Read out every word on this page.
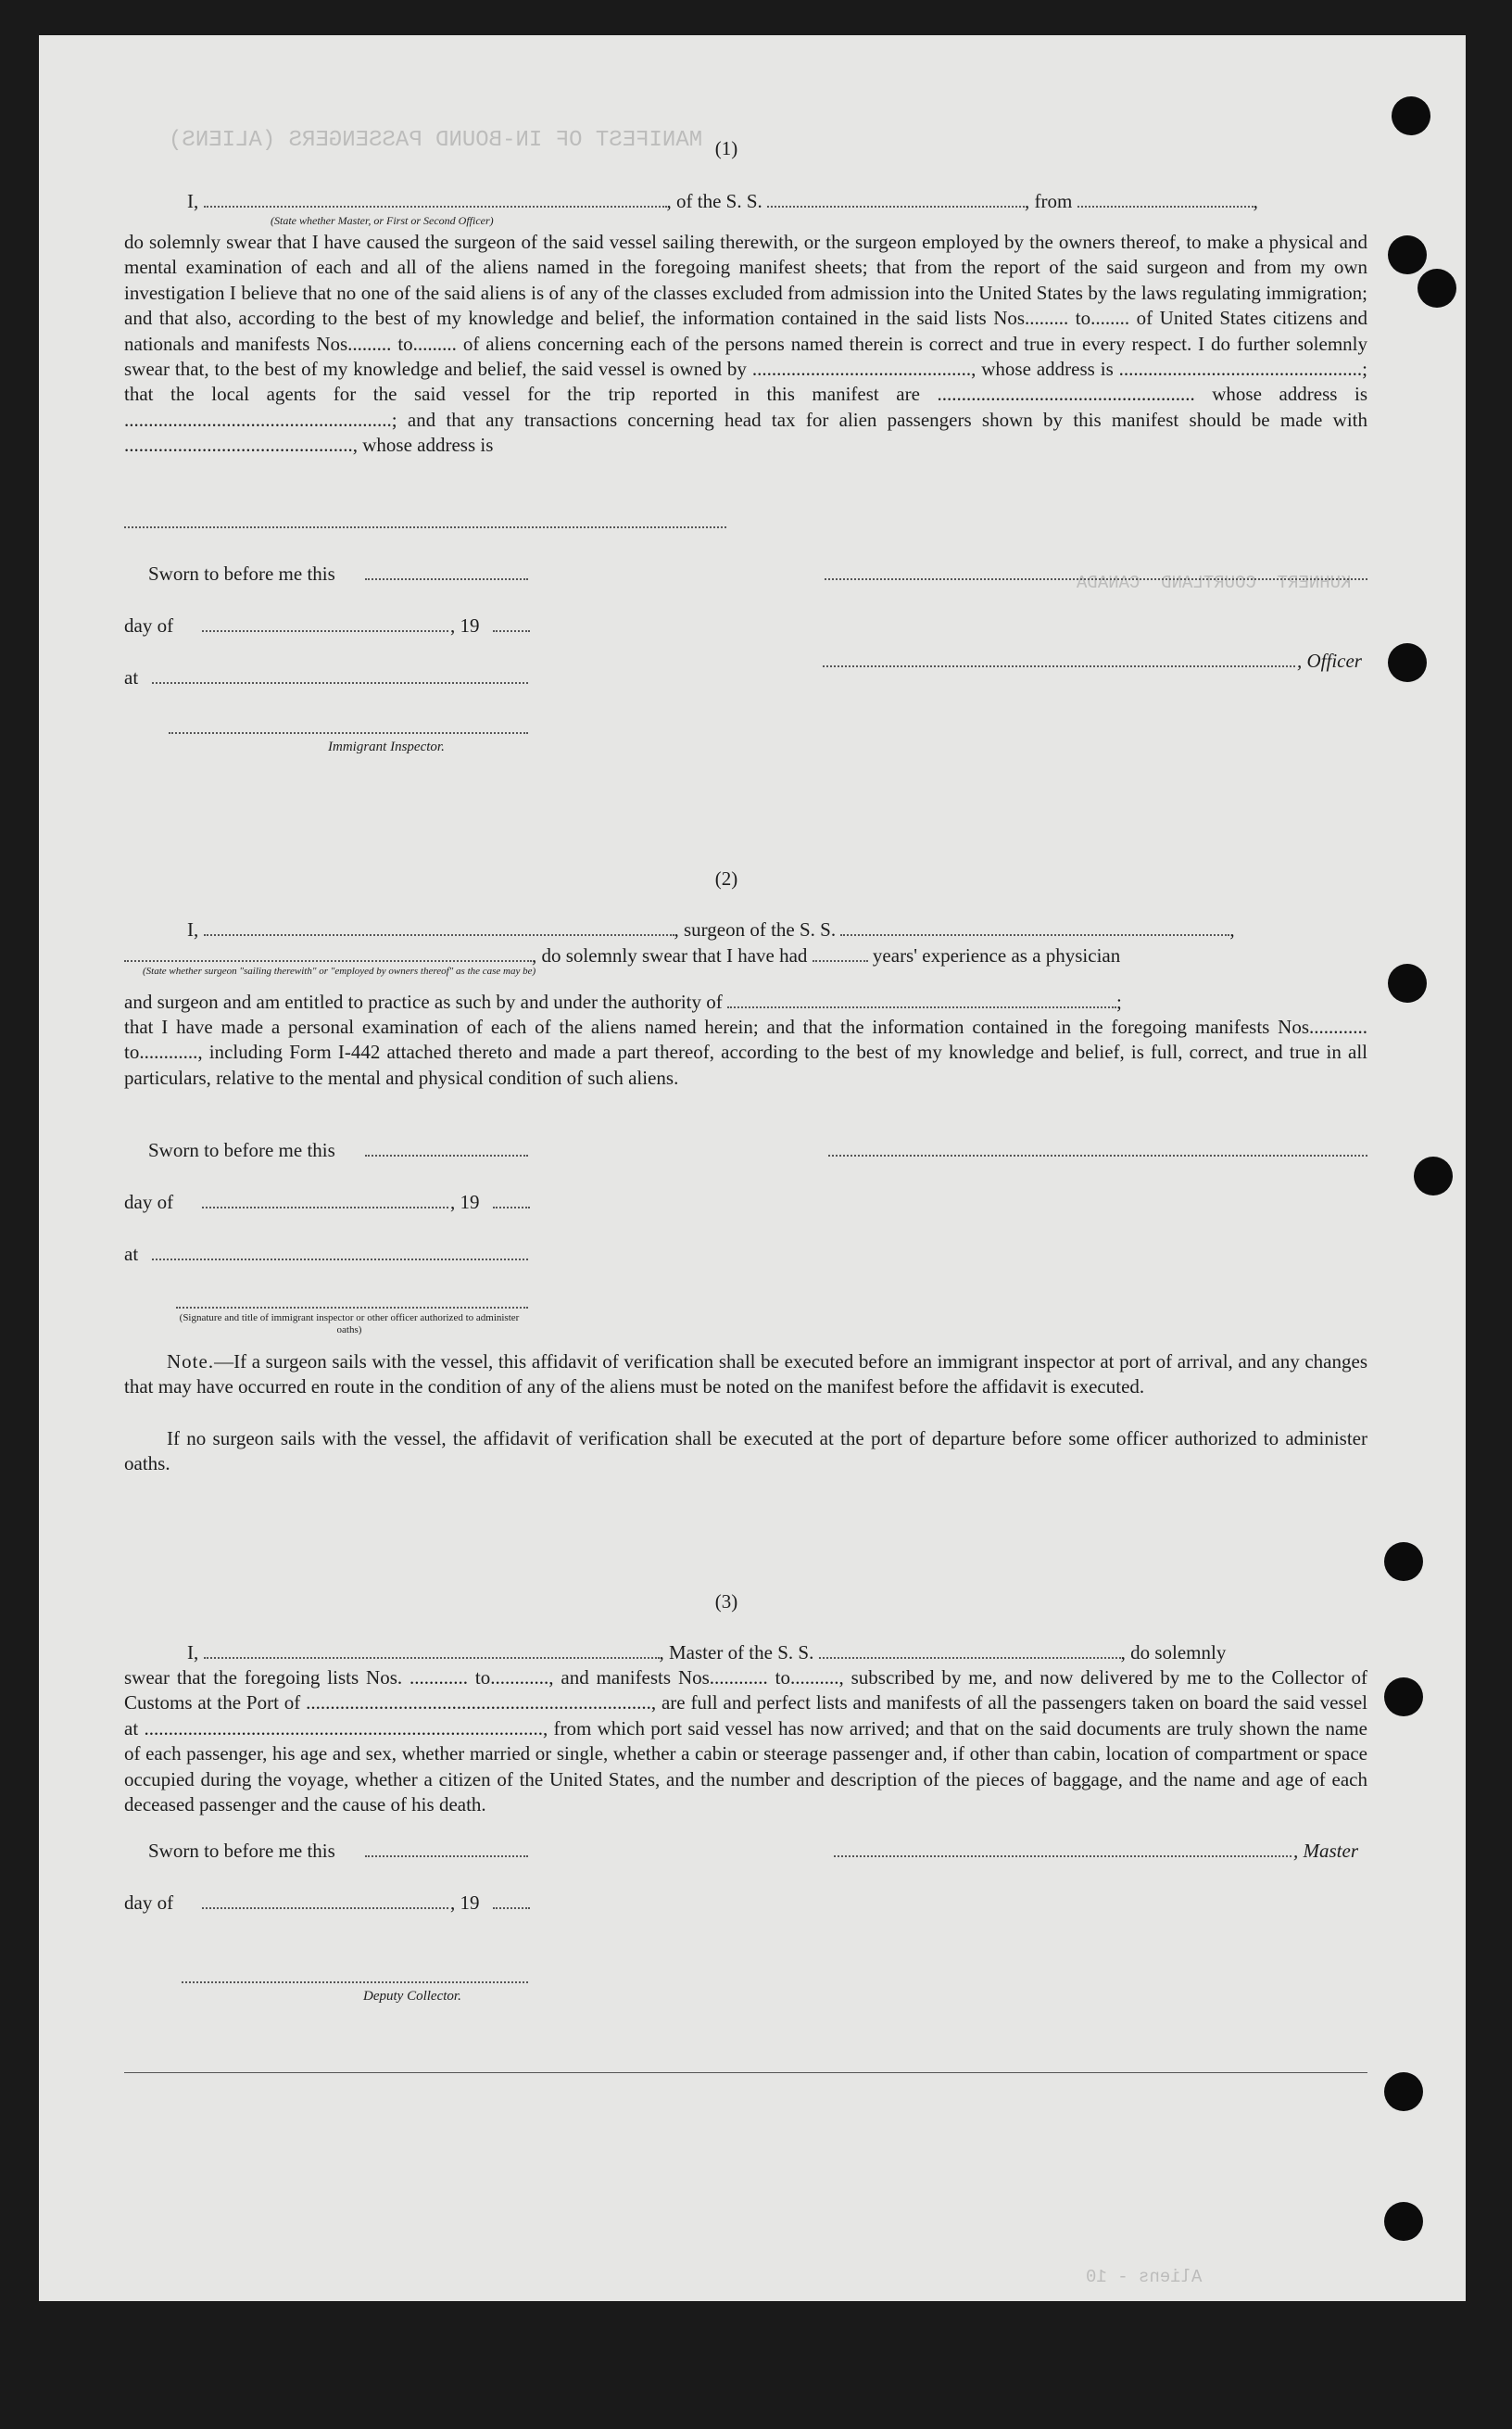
KUHNERT  COURTLAND  CANADA
MANIFEST OF IN-BOUND PASSENGERS (ALIENS) (1)
I,	, of the S. S.	, from	,
(State whether Master, or First or Second Officer)
do solemnly swear that I have caused the surgeon of the said vessel sailing therewith, or the surgeon employed by the owners thereof, to make a physical and mental examination of each and all of the aliens named in the foregoing manifest sheets; that from the report of the said surgeon and from my own investigation I believe that no one of the said aliens is of any of the classes excluded from admission into the United States by the laws regulating immigration; and that also, according to the best of my knowledge and belief, the information contained in the said lists Nos......... to........ of United States citizens and nationals and manifests Nos......... to......... of aliens concerning each of the persons named therein is correct and true in every respect. I do further solemnly swear that, to the best of my knowledge and belief, the said vessel is owned by ............................................., whose address is ..................................................; that the local agents for the said vessel for the trip reported in this manifest are ..................................................... whose address is .......................................................; and that any transactions concerning head tax for alien passengers shown by this manifest should be made with ..............................................., whose address is
Sworn to before me this
day of	, 19
, Officer
at
Immigrant Inspector.
(2)
I,	, surgeon of the S. S.	,
, do solemnly swear that I have had	years' experience as a physician
(State whether surgeon "sailing therewith" or "employed by owners thereof" as the case may be)
and surgeon and am entitled to practice as such by and under the authority of	;
that I have made a personal examination of each of the aliens named herein; and that the information contained in the foregoing manifests Nos............ to............, including Form I-442 attached thereto and made a part thereof, according to the best of my knowledge and belief, is full, correct, and true in all particulars, relative to the mental and physical condition of such aliens.
Sworn to before me this
day of	, 19
at
(Signature and title of immigrant inspector or other officer authorized to administer oaths)
Note.—If a surgeon sails with the vessel, this affidavit of verification shall be executed before an immigrant inspector at port of arrival, and any changes that may have occurred en route in the condition of any of the aliens must be noted on the manifest before the affidavit is executed.
If no surgeon sails with the vessel, the affidavit of verification shall be executed at the port of departure before some officer authorized to administer oaths.
(3)
I,	, Master of the S. S.	, do solemnly
swear that the foregoing lists Nos. ............ to............, and manifests Nos............ to.........., subscribed by me, and now delivered by me to the Collector of Customs at the Port of ......................................................................., are full and perfect lists and manifests of all the passengers taken on board the said vessel at .................................................................................., from which port said vessel has now arrived; and that on the said documents are truly shown the name of each passenger, his age and sex, whether married or single, whether a cabin or steerage passenger and, if other than cabin, location of compartment or space occupied during the voyage, whether a citizen of the United States, and the number and description of the pieces of baggage, and the name and age of each deceased passenger and the cause of his death.
Sworn to before me this	, Master
day of	, 19
Deputy Collector.
Aliens - 10
